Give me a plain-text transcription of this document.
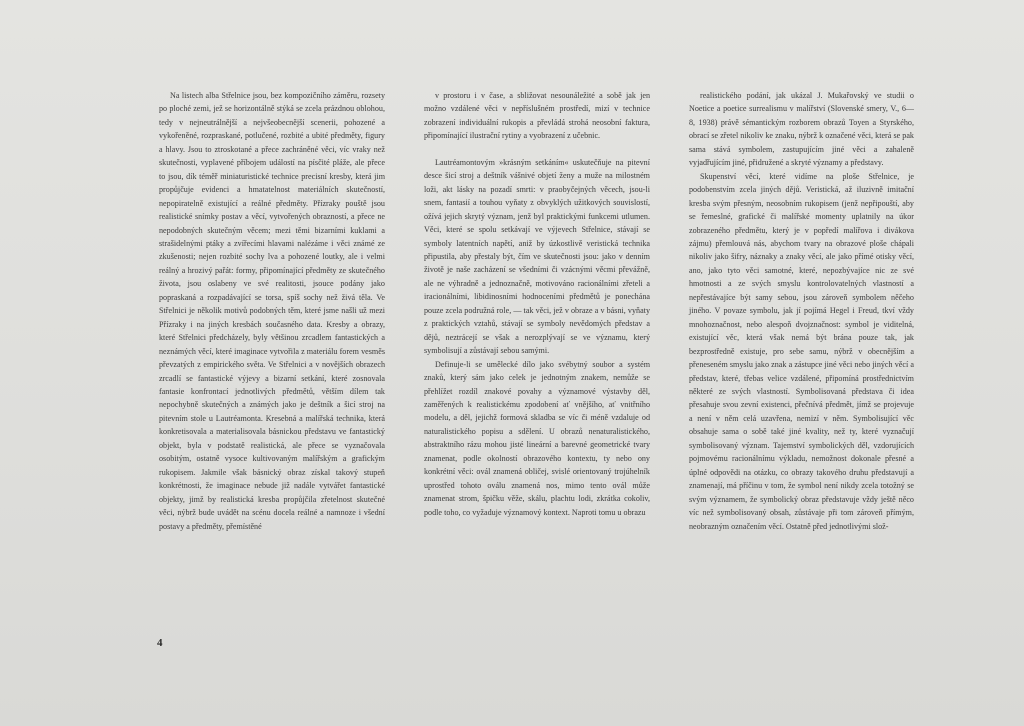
Na listech alba Střelnice jsou, bez kompozičního záměru, rozsety po ploché zemi, jež se horizontálně stýká se zcela prázdnou oblohou, tedy v nejneutrálnější a nejvšeobecnější scenerii, pohozené a vykořeněné, rozpraskané, potlučené, rozbité a ubité předměty, figury a hlavy. Jsou to ztroskotané a přece zachráněné věci, víc vraky než skutečnosti, vyplavené příbojem událostí na písčité pláže, ale přece to jsou, dík téměř miniaturistické technice precisní kresby, která jim propůjčuje evidenci a hmatatelnost materiálních skutečností, nepopiratelně existující a reálné předměty. Přízraky pouště jsou realistické snímky postav a věcí, vytvořených obrazností, a přece ne nepodobných skutečným věcem; mezi těmi bizarními kuklami a strašidelnými ptáky a zvířecími hlavami nalézáme i věci známé ze zkušenosti; nejen rozbité sochy lva a pohozené loutky, ale i velmi reálný a hrozivý pařát: formy, připomínající předměty ze skutečného života, jsou oslabeny ve své realitosti, jsouce podány jako popraskaná a rozpadávající se torsa, spíš sochy než živá těla. Ve Střelnici je několik motivů podobných těm, které jsme našli už mezi Přízraky i na jiných kresbách současného data. Kresby a obrazy, které Střelnici předcházely, byly většinou zrcadlem fantastických a neznámých věcí, které imaginace vytvořila z materiálu forem vesměs převzatých z empirického světa. Ve Střelnici a v novějších obrazech zrcadlí se fantastické výjevy a bizarní setkání, které zosnovala fantasie konfrontací jednotlivých předmětů, větším dílem tak nepochybně skutečných a známých jako je deštník a šicí stroj na pitevním stole u Lautréamonta. Kresebná a malířská technika, která konkretisovala a materialisovala básnickou představu ve fantastický objekt, byla v podstatě realistická, ale přece se vyznačovala osobitým, ostatně vysoce kultivovaným malířským a grafickým rukopisem. Jakmile však básnický obraz získal takový stupeň konkrétnosti, že imaginace nebude již nadále vytvářet fantastické objekty, jimž by realistická kresba propůjčila zřetelnost skutečné věci, nýbrž bude uvádět na scénu docela reálné a namnoze i všední postavy a předměty, přemístěné

v prostoru i v čase, a sbližovat nesounáležité a sobě jak jen možno vzdálené věci v nepříslušném prostředí, mizí v technice zobrazení individuální rukopis a převládá strohá neosobní faktura, připomínající ilustrační rytiny a vyobrazení z učebnic.

Lautréamontovým »krásným setkáním« uskutečňuje na pitevní desce šicí stroj a deštník vášnivé objetí ženy a muže na milostném loži, akt lásky na pozadí smrti: v praobyčejných věcech, jsou-li snem, fantasií a touhou vyňaty z obvyklých užitkových souvislostí, ožívá jejich skrytý význam, jenž byl praktickými funkcemi utlumen. Věci, které se spolu setkávají ve výjevech Střelnice, stávají se symboly latentních napětí, aniž by úzkostlivě veristická technika připustila, aby přestaly být, čím ve skutečnosti jsou: jako v denním životě je naše zacházení se všedními či vzácnými věcmi převážně, ale ne výhradně a jednoznačně, motivováno racionálními zřeteli a iracionálními, libidinosními hodnoceními předmětů je ponechána pouze zcela podružná role, — tak věci, jež v obraze a v básni, vyňaty z praktických vztahů, stávají se symboly nevědomých představ a dějů, neztrácejí se však a nerozplývají se ve významu, který symbolisují a zůstávají sebou samými.

Definuje-li se umělecké dílo jako svébytný soubor a systém znaků, který sám jako celek je jednotným znakem, nemůže se přehlížet rozdíl znakové povahy a významové výstavby děl, zaměřených k realistickému zpodobení ať vnějšího, ať vnitřního modelu, a děl, jejichž formová skladba se víc či méně vzdaluje od naturalistického popisu a sdělení. U obrazů nenaturalistického, abstraktního rázu mohou jisté lineární a barevné geometrické tvary znamenat, podle okolností obrazového kontextu, ty nebo ony konkrétní věci: ovál znamená obličej, svislé orientovaný trojúhelník uprostřed tohoto oválu znamená nos, mimo tento ovál může znamenat strom, špičku věže, skálu, plachtu lodi, zkrátka cokoliv, podle toho, co vyžaduje významový kontext. Naproti tomu u obrazu

realistického podání, jak ukázal J. Mukařovský ve studii o Noetice a poetice surrealismu v malířství (Slovenské smery, V., 6—8, 1938) právě sémantickým rozborem obrazů Toyen a Styrského, obrací se zřetel nikoliv ke znaku, nýbrž k označené věci, která se pak sama stává symbolem, zastupujícím jiné věci a zahaleně vyjadřujícím jiné, přidružené a skryté významy a představy.

Skupenství věcí, které vidíme na ploše Střelnice, je podobenstvím zcela jiných dějů. Veristická, až iluzivně imitační kresba svým přesným, neosobním rukopisem (jenž nepřipouští, aby se řemeslné, grafické či malířské momenty uplatnily na úkor zobrazeného předmětu, který je v popředí malířova i divákova zájmu) přemlouvá nás, abychom tvary na obrazové ploše chápali nikoliv jako šifry, náznaky a znaky věcí, ale jako přímé otisky věcí, ano, jako tyto věci samotné, které, nepozbývajíce nic ze své hmotnosti a ze svých smyslu kontrolovatelných vlastností a nepřestávajíce být samy sebou, jsou zároveň symbolem něčeho jiného. V povaze symbolu, jak jí pojímá Hegel i Freud, tkví vždy mnohoznačnost, nebo alespoň dvojznačnost: symbol je viditelná, existující věc, která však nemá být brána pouze tak, jak bezprostředně existuje, pro sebe samu, nýbrž v obecnějším a přeneseném smyslu jako znak a zástupce jiné věci nebo jiných věcí a představ, které, třebas velice vzdálené, připomíná prostřednictvím některé ze svých vlastností. Symbolisovaná představa či idea přesahuje svou zevní existenci, přečnívá předmět, jímž se projevuje a není v něm celá uzavřena, nemizí v něm. Symbolisující věc obsahuje sama o sobě také jiné kvality, než ty, které vyznačují symbolisovaný význam. Tajemství symbolických děl, vzdorujících pojmovému racionálnímu výkladu, nemožnost dokonale přesné a úplné odpovědi na otázku, co obrazy takového druhu představují a znamenají, má příčinu v tom, že symbol není nikdy zcela totožný se svým významem, že symbolický obraz představuje vždy ještě něco víc než symbolisovaný obsah, zůstávaje při tom zároveň přímým, neobrazným označením věcí. Ostatně před jednotlivými slož-

4
